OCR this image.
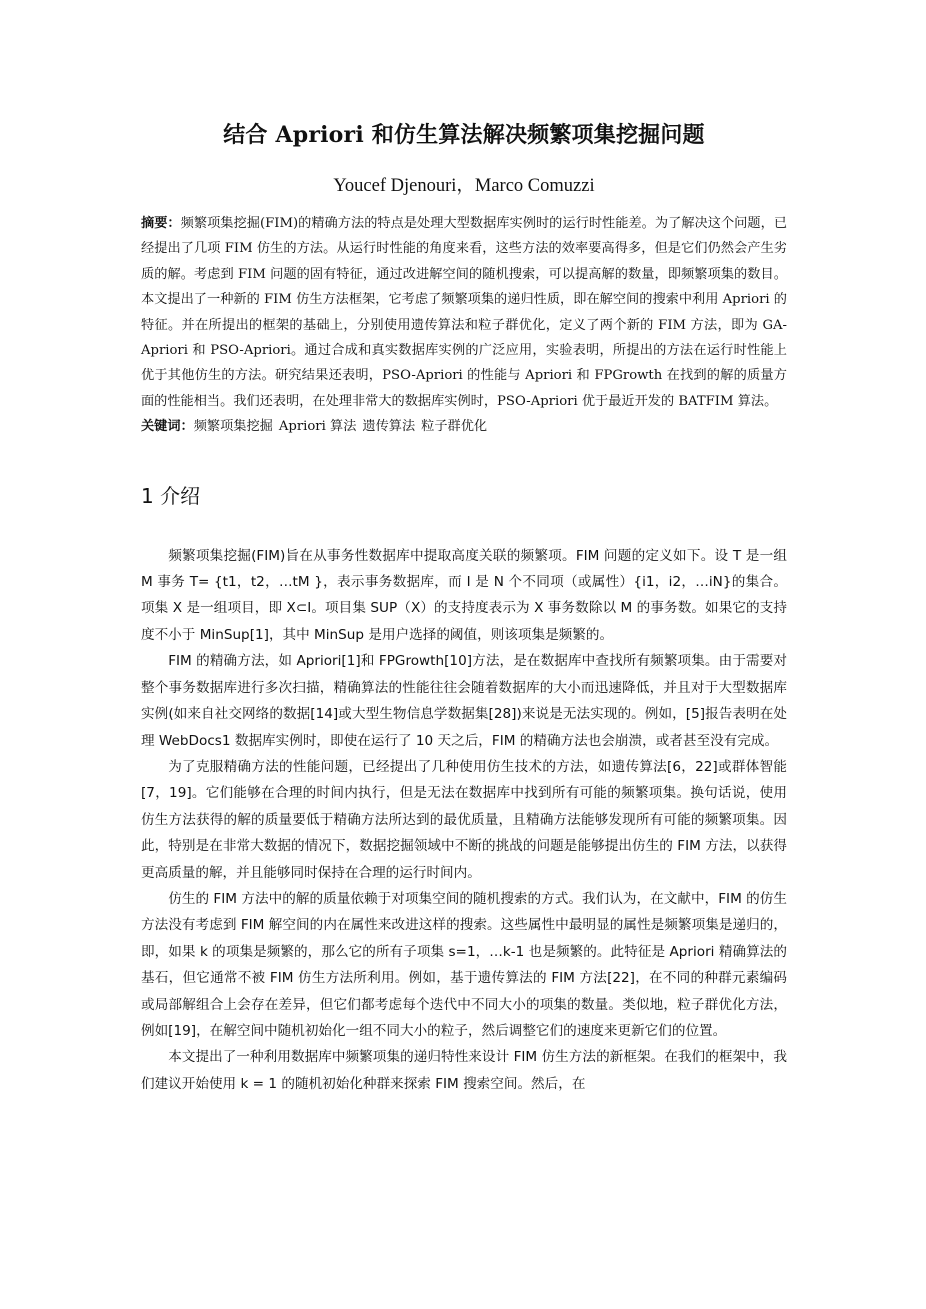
结合 Apriori 和仿生算法解决频繁项集挖掘问题
Youcef Djenouri，Marco Comuzzi

摘要：频繁项集挖掘(FIM)的精确方法的特点是处理大型数据库实例时的运行时性能差。为了解决这个问题，已经提出了几项 FIM 仿生的方法。从运行时性能的角度来看，这些方法的效率要高得多，但是它们仍然会产生劣质的解。考虑到 FIM 问题的固有特征，通过改进解空间的随机搜索，可以提高解的数量，即频繁项集的数目。本文提出了一种新的 FIM 仿生方法框架，它考虑了频繁项集的递归性质，即在解空间的搜索中利用 Apriori 的特征。并在所提出的框架的基础上，分别使用遗传算法和粒子群优化，定义了两个新的 FIM 方法，即为 GA-Apriori 和 PSO-Apriori。通过合成和真实数据库实例的广泛应用，实验表明，所提出的方法在运行时性能上优于其他仿生的方法。研究结果还表明，PSO-Apriori 的性能与 Apriori 和 FPGrowth 在找到的解的质量方面的性能相当。我们还表明，在处理非常大的数据库实例时，PSO-Apriori 优于最近开发的 BATFIM 算法。

关键词：频繁项集挖掘 Apriori 算法 遗传算法 粒子群优化
1 介绍

频繁项集挖掘(FIM)旨在从事务性数据库中提取高度关联的频繁项。FIM 问题的定义如下。设 T 是一组 M 事务 T= {t1，t2，…tM }，表示事务数据库，而 I 是 N 个不同项（或属性）{i1，i2，…iN}的集合。项集 X 是一组项目，即 X⊂I。项目集 SUP（X）的支持度表示为 X 事务数除以 M 的事务数。如果它的支持度不小于 MinSup[1]，其中 MinSup 是用户选择的阈值，则该项集是频繁的。

FIM 的精确方法，如 Apriori[1]和 FPGrowth[10]方法，是在数据库中查找所有频繁项集。由于需要对整个事务数据库进行多次扫描，精确算法的性能往往会随着数据库的大小而迅速降低，并且对于大型数据库实例(如来自社交网络的数据[14]或大型生物信息学数据集[28])来说是无法实现的。例如，[5]报告表明在处理 WebDocs1 数据库实例时，即使在运行了 10 天之后，FIM 的精确方法也会崩溃，或者甚至没有完成。

为了克服精确方法的性能问题，已经提出了几种使用仿生技术的方法，如遗传算法[6，22]或群体智能[7，19]。它们能够在合理的时间内执行，但是无法在数据库中找到所有可能的频繁项集。换句话说，使用仿生方法获得的解的质量要低于精确方法所达到的最优质量，且精确方法能够发现所有可能的频繁项集。因此，特别是在非常大数据的情况下，数据挖掘领域中不断的挑战的问题是能够提出仿生的 FIM 方法，以获得更高质量的解，并且能够同时保持在合理的运行时间内。

仿生的 FIM 方法中的解的质量依赖于对项集空间的随机搜索的方式。我们认为，在文献中，FIM 的仿生方法没有考虑到 FIM 解空间的内在属性来改进这样的搜索。这些属性中最明显的属性是频繁项集是递归的，即，如果 k 的项集是频繁的，那么它的所有子项集 s=1，…k-1 也是频繁的。此特征是 Apriori 精确算法的基石，但它通常不被 FIM 仿生方法所利用。例如，基于遗传算法的 FIM 方法[22]，在不同的种群元素编码或局部解组合上会存在差异，但它们都考虑每个迭代中不同大小的项集的数量。类似地，粒子群优化方法，例如[19]，在解空间中随机初始化一组不同大小的粒子，然后调整它们的速度来更新它们的位置。

本文提出了一种利用数据库中频繁项集的递归特性来设计 FIM 仿生方法的新框架。在我们的框架中，我们建议开始使用 k = 1 的随机初始化种群来探索 FIM 搜索空间。然后，在
